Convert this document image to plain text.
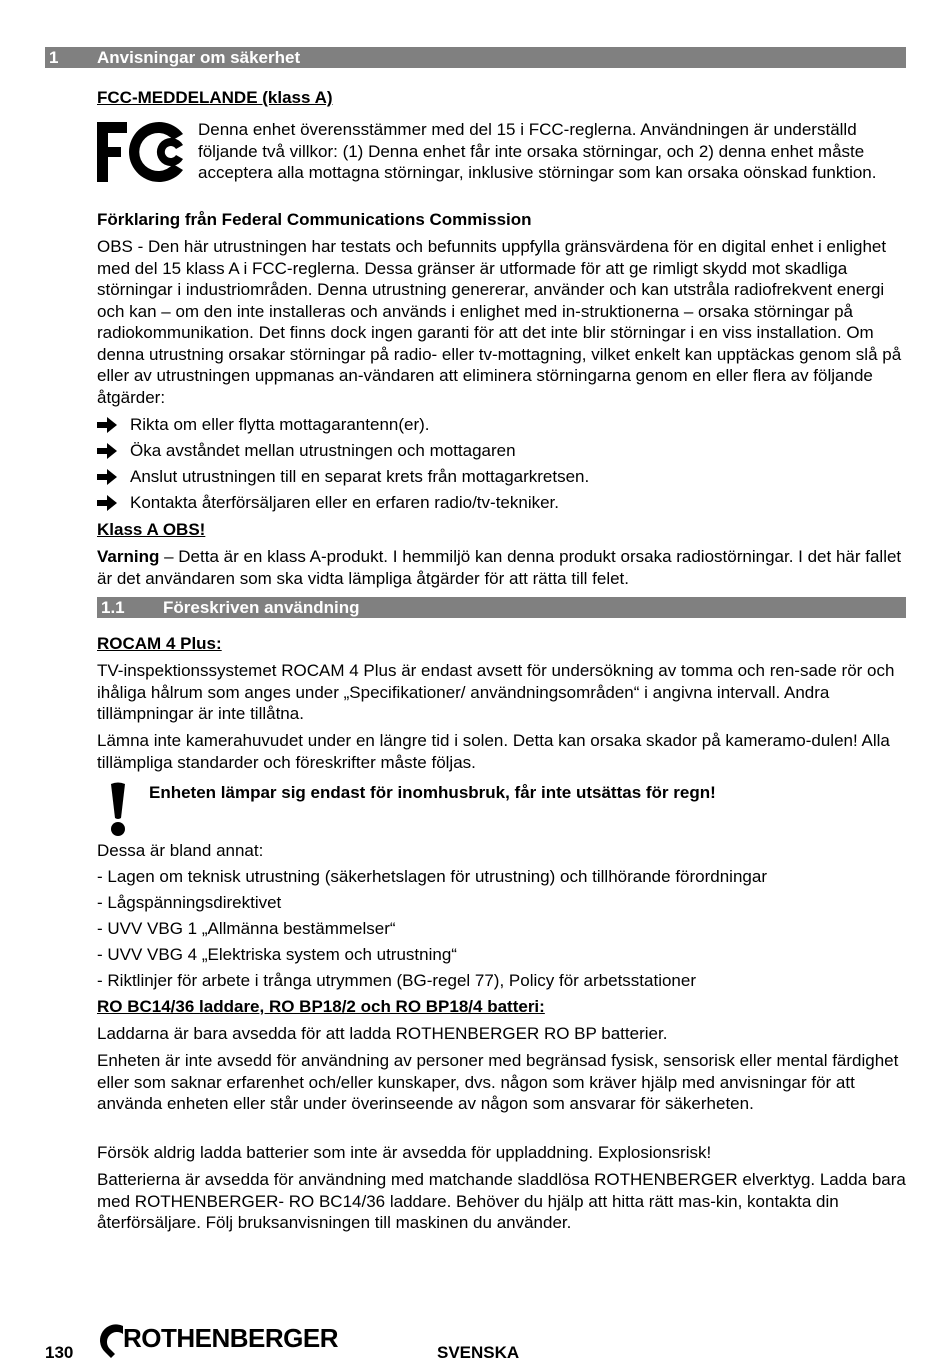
1 Anvisningar om säkerhet
FCC-MEDDELANDE (klass A)
Denna enhet överensstämmer med del 15 i FCC-reglerna. Användningen är underställd följande två villkor: (1) Denna enhet får inte orsaka störningar, och 2) denna enhet måste acceptera alla mottagna störningar, inklusive störningar som kan orsaka oönskad funktion.
Förklaring från Federal Communications Commission
OBS - Den här utrustningen har testats och befunnits uppfylla gränsvärdena för en digital enhet i enlighet med del 15 klass A i FCC-reglerna. Dessa gränser är utformade för att ge rimligt skydd mot skadliga störningar i industriområden. Denna utrustning genererar, använder och kan utstråla radiofrekvent energi och kan – om den inte installeras och används i enlighet med in-struktionerna – orsaka störningar på radiokommunikation. Det finns dock ingen garanti för att det inte blir störningar i en viss installation. Om denna utrustning orsakar störningar på radio- eller tv-mottagning, vilket enkelt kan upptäckas genom slå på eller av utrustningen uppmanas an-vändaren att eliminera störningarna genom en eller flera av följande åtgärder:
Rikta om eller flytta mottagarantenn(er).
Öka avståndet mellan utrustningen och mottagaren
Anslut utrustningen till en separat krets från mottagarkretsen.
Kontakta återförsäljaren eller en erfaren radio/tv-tekniker.
Klass A OBS!
Varning – Detta är en klass A-produkt. I hemmiljö kan denna produkt orsaka radiostörningar. I det här fallet är det användaren som ska vidta lämpliga åtgärder för att rätta till felet.
1.1 Föreskriven användning
ROCAM 4 Plus:
TV-inspektionssystemet ROCAM 4 Plus är endast avsett för undersökning av tomma och ren-sade rör och ihåliga hålrum som anges under „Specifikationer/ användningsområden“ i angivna intervall. Andra tillämpningar är inte tillåtna.
Lämna inte kamerahuvudet under en längre tid i solen. Detta kan orsaka skador på kameramo-dulen! Alla tillämpliga standarder och föreskrifter måste följas.
Enheten lämpar sig endast för inomhusbruk, får inte utsättas för regn!
Dessa är bland annat:
- Lagen om teknisk utrustning (säkerhetslagen för utrustning) och tillhörande förordningar
- Lågspänningsdirektivet
- UVV VBG 1 „Allmänna bestämmelser“
- UVV VBG 4 „Elektriska system och utrustning“
- Riktlinjer för arbete i trånga utrymmen (BG-regel 77), Policy för arbetsstationer
RO BC14/36 laddare, RO BP18/2 och RO BP18/4 batteri:
Laddarna är bara avsedda för att ladda ROTHENBERGER RO BP batterier.
Enheten är inte avsedd för användning av personer med begränsad fysisk, sensorisk eller mental färdighet eller som saknar erfarenhet och/eller kunskaper, dvs. någon som kräver hjälp med anvisningar för att använda enheten eller står under överinseende av någon som ansvarar för säkerheten.
Försök aldrig ladda batterier som inte är avsedda för uppladdning. Explosionsrisk!
Batterierna är avsedda för användning med matchande sladdlösa ROTHENBERGER elverktyg. Ladda bara med ROTHENBERGER- RO BC14/36 laddare. Behöver du hjälp att hitta rätt mas-kin, kontakta din återförsäljare. Följ bruksanvisningen till maskinen du använder.
130 ROTHENBERGER	SVENSKA
